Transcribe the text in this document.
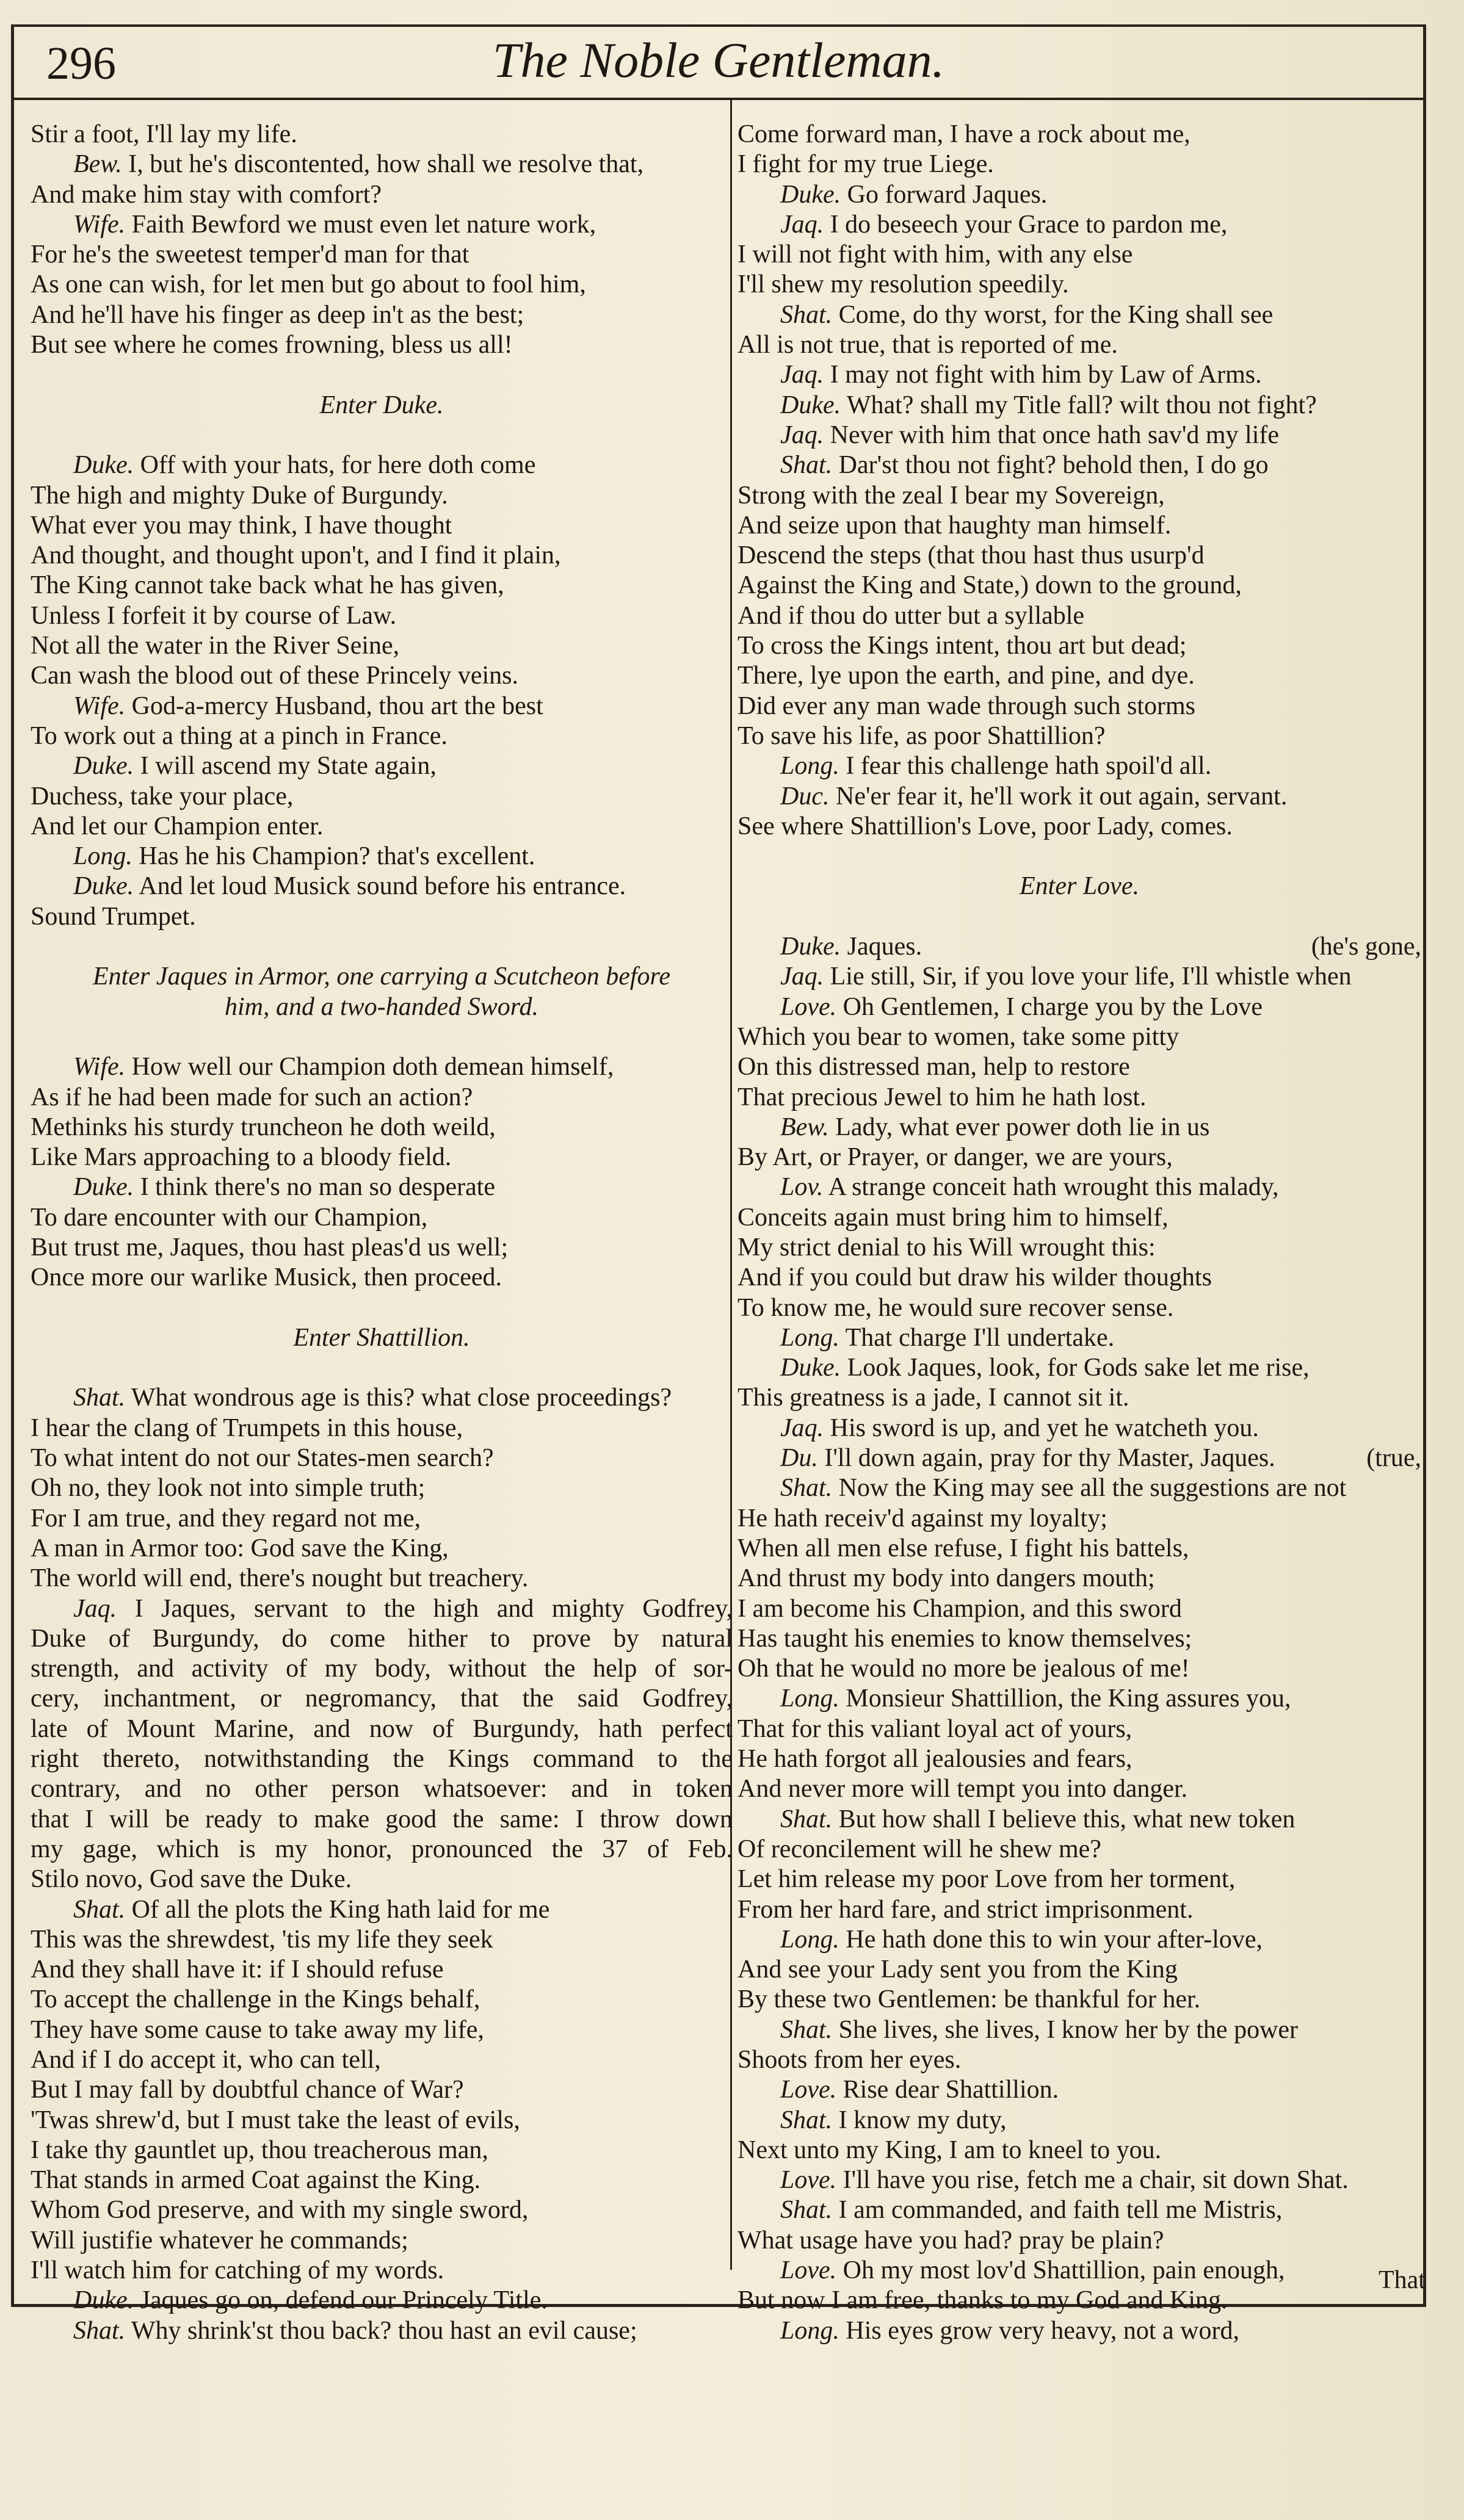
296	The Noble Gentleman.
Stir a foot, I'll lay my life.
Bew. I, but he's discontented, how shall we resolve that,
And make him stay with comfort?
Wife. Faith Bewford we must even let nature work,
For he's the sweetest temper'd man for that
As one can wish, for let men but go about to fool him,
And he'll have his finger as deep in't as the best;
But see where he comes frowning, bless us all!
Enter Duke.
Duke. Off with your hats, for here doth come
The high and mighty Duke of Burgundy.
What ever you may think, I have thought
And thought, and thought upon't, and I find it plain,
The King cannot take back what he has given,
Unless I forfeit it by course of Law.
Not all the water in the River Seine,
Can wash the blood out of these Princely veins.
Wife. God-a-mercy Husband, thou art the best
To work out a thing at a pinch in France.
Duke. I will ascend my State again,
Duchess, take your place,
And let our Champion enter.
Long. Has he his Champion? that's excellent.
Duke. And let loud Musick sound before his entrance.
Sound Trumpet.
Enter Jaques in Armor, one carrying a Scutcheon before
him, and a two-handed Sword.
Wife. How well our Champion doth demean himself,
As if he had been made for such an action?
Methinks his sturdy truncheon he doth weild,
Like Mars approaching to a bloody field.
Duke. I think there's no man so desperate
To dare encounter with our Champion,
But trust me, Jaques, thou hast pleas'd us well;
Once more our warlike Musick, then proceed.
Enter Shattillion.
Shat. What wondrous age is this? what close proceedings?
I hear the clang of Trumpets in this house,
To what intent do not our States-men search?
Oh no, they look not into simple truth;
For I am true, and they regard not me,
A man in Armor too: God save the King,
The world will end, there's nought but treachery.
Jaq. I Jaques, servant to the high and mighty Godfrey,
Duke of Burgundy, do come hither to prove by natural
strength, and activity of my body, without the help of sor-
cery, inchantment, or negromancy, that the said Godfrey,
late of Mount Marine, and now of Burgundy, hath perfect
right thereto, notwithstanding the Kings command to the
contrary, and no other person whatsoever: and in token
that I will be ready to make good the same: I throw down
my gage, which is my honor, pronounced the 37 of Feb.
Stilo novo, God save the Duke.
Shat. Of all the plots the King hath laid for me
This was the shrewdest, 'tis my life they seek
And they shall have it: if I should refuse
To accept the challenge in the Kings behalf,
They have some cause to take away my life,
And if I do accept it, who can tell,
But I may fall by doubtful chance of War?
'Twas shrew'd, but I must take the least of evils,
I take thy gauntlet up, thou treacherous man,
That stands in armed Coat against the King.
Whom God preserve, and with my single sword,
Will justifie whatever he commands;
I'll watch him for catching of my words.
Duke. Jaques go on, defend our Princely Title.
Shat. Why shrink'st thou back? thou hast an evil cause;
Come forward man, I have a rock about me,
I fight for my true Liege.
Duke. Go forward Jaques.
Jaq. I do beseech your Grace to pardon me,
I will not fight with him, with any else
I'll shew my resolution speedily.
Shat. Come, do thy worst, for the King shall see
All is not true, that is reported of me.
Jaq. I may not fight with him by Law of Arms.
Duke. What? shall my Title fall? wilt thou not fight?
Jaq. Never with him that once hath sav'd my life
Shat. Dar'st thou not fight? behold then, I do go
Strong with the zeal I bear my Sovereign,
And seize upon that haughty man himself.
Descend the steps (that thou hast thus usurp'd
Against the King and State,) down to the ground,
And if thou do utter but a syllable
To cross the Kings intent, thou art but dead;
There, lye upon the earth, and pine, and dye.
Did ever any man wade through such storms
To save his life, as poor Shattillion?
Long. I fear this challenge hath spoil'd all.
Duc. Ne'er fear it, he'll work it out again, servant.
See where Shattillion's Love, poor Lady, comes.
Enter Love.
Duke. Jaques.	(he's gone,
Jaq. Lie still, Sir, if you love your life, I'll whistle when
Love. Oh Gentlemen, I charge you by the Love
Which you bear to women, take some pitty
On this distressed man, help to restore
That precious Jewel to him he hath lost.
Bew. Lady, what ever power doth lie in us
By Art, or Prayer, or danger, we are yours,
Lov. A strange conceit hath wrought this malady,
Conceits again must bring him to himself,
My strict denial to his Will wrought this:
And if you could but draw his wilder thoughts
To know me, he would sure recover sense.
Long. That charge I'll undertake.
Duke. Look Jaques, look, for Gods sake let me rise,
This greatness is a jade, I cannot sit it.
Jaq. His sword is up, and yet he watcheth you.
Du. I'll down again, pray for thy Master, Jaques.	(true,
Shat. Now the King may see all the suggestions are not
He hath receiv'd against my loyalty;
When all men else refuse, I fight his battels,
And thrust my body into dangers mouth;
I am become his Champion, and this sword
Has taught his enemies to know themselves;
Oh that he would no more be jealous of me!
Long. Monsieur Shattillion, the King assures you,
That for this valiant loyal act of yours,
He hath forgot all jealousies and fears,
And never more will tempt you into danger.
Shat. But how shall I believe this, what new token
Of reconcilement will he shew me?
Let him release my poor Love from her torment,
From her hard fare, and strict imprisonment.
Long. He hath done this to win your after-love,
And see your Lady sent you from the King
By these two Gentlemen: be thankful for her.
Shat. She lives, she lives, I know her by the power
Shoots from her eyes.
Love. Rise dear Shattillion.
Shat. I know my duty,
Next unto my King, I am to kneel to you.
Love. I'll have you rise, fetch me a chair, sit down Shat.
Shat. I am commanded, and faith tell me Mistris,
What usage have you had? pray be plain?
Love. Oh my most lov'd Shattillion, pain enough,
But now I am free, thanks to my God and King.
Long. His eyes grow very heavy, not a word,
That
